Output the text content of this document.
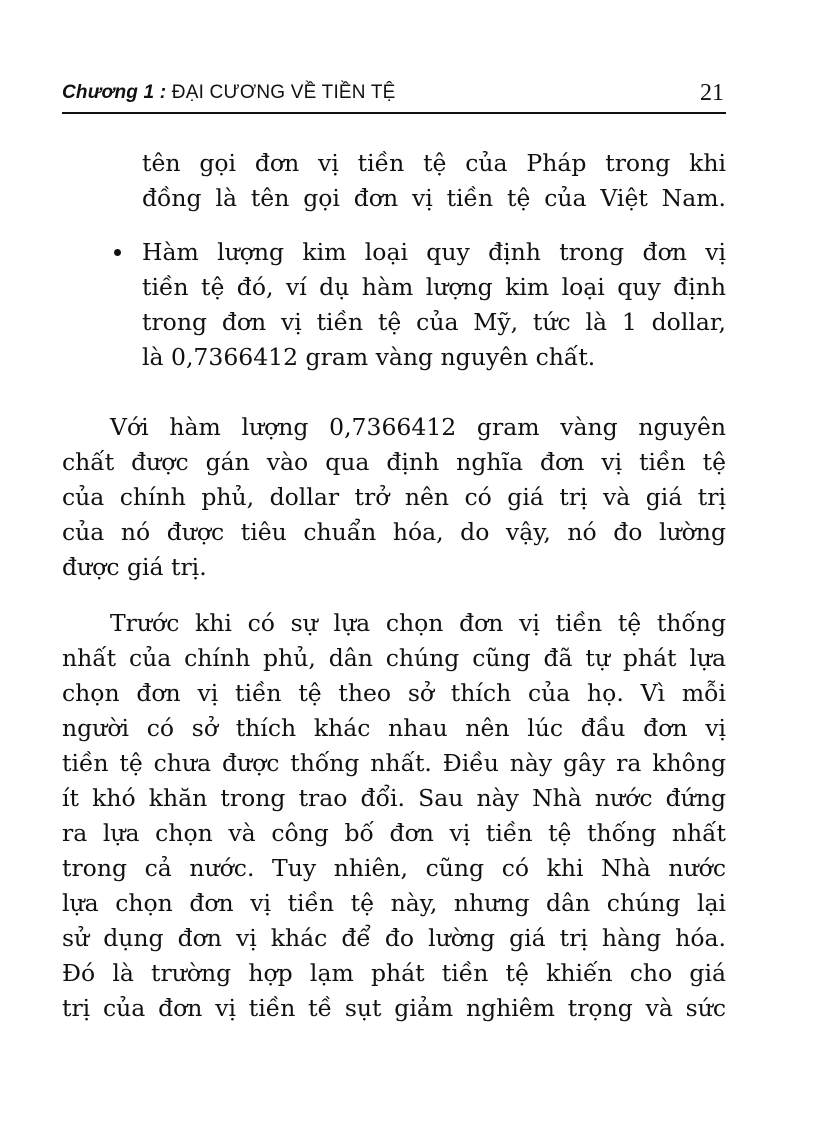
Chương 1 : ĐẠI CƯƠNG VỀ TIỀN TỆ	21
tên gọi đơn vị tiền tệ của Pháp trong khi
đồng là tên gọi đơn vị tiền tệ của Việt Nam.
Hàm lượng kim loại quy định trong đơn vị
tiền tệ đó, ví dụ hàm lượng kim loại quy định
trong đơn vị tiền tệ của Mỹ, tức là 1 dollar,
là 0,7366412 gram vàng nguyên chất.
Với hàm lượng 0,7366412 gram vàng nguyên
chất được gán vào qua định nghĩa đơn vị tiền tệ
của chính phủ, dollar trở nên có giá trị và giá trị
của nó được tiêu chuẩn hóa, do vậy, nó đo lường
được giá trị.
Trước khi có sự lựa chọn đơn vị tiền tệ thống
nhất của chính phủ, dân chúng cũng đã tự phát lựa
chọn đơn vị tiền tệ theo sở thích của họ. Vì mỗi
người có sở thích khác nhau nên lúc đầu đơn vị
tiền tệ chưa được thống nhất. Điều này gây ra không
ít khó khăn trong trao đổi. Sau này Nhà nước đứng
ra lựa chọn và công bố đơn vị tiền tệ thống nhất
trong cả nước. Tuy nhiên, cũng có khi Nhà nước
lựa chọn đơn vị tiền tệ này, nhưng dân chúng lại
sử dụng đơn vị khác để đo lường giá trị hàng hóa.
Đó là trường hợp lạm phát tiền tệ khiến cho giá
trị của đơn vị tiền tề sụt giảm nghiêm trọng và sức
